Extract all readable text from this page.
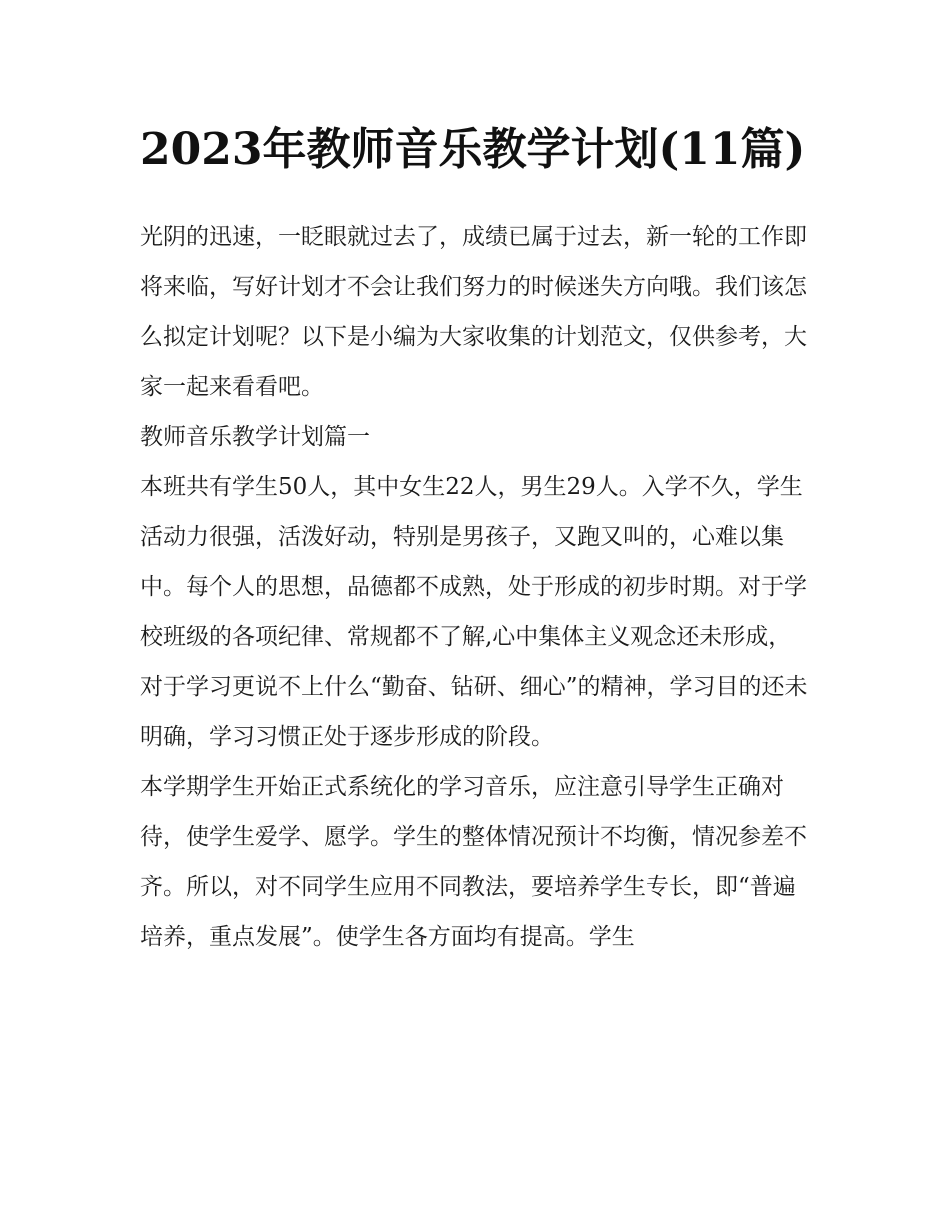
2023年教师音乐教学计划(11篇)

光阴的迅速，一眨眼就过去了，成绩已属于过去，新一轮的工作即将来临，写好计划才不会让我们努力的时候迷失方向哦。我们该怎么拟定计划呢？以下是小编为大家收集的计划范文，仅供参考，大家一起来看看吧。

教师音乐教学计划篇一

本班共有学生50人，其中女生22人，男生29人。入学不久，学生活动力很强，活泼好动，特别是男孩子，又跑又叫的，心难以集中。每个人的思想，品德都不成熟，处于形成的初步时期。对于学校班级的各项纪律、常规都不了解,心中集体主义观念还未形成，对于学习更说不上什么“勤奋、钻研、细心”的精神，学习目的还未明确，学习习惯正处于逐步形成的阶段。

本学期学生开始正式系统化的学习音乐，应注意引导学生正确对待，使学生爱学、愿学。学生的整体情况预计不均衡，情况参差不齐。所以，对不同学生应用不同教法，要培养学生专长，即“普遍培养，重点发展”。使学生各方面均有提高。学生
